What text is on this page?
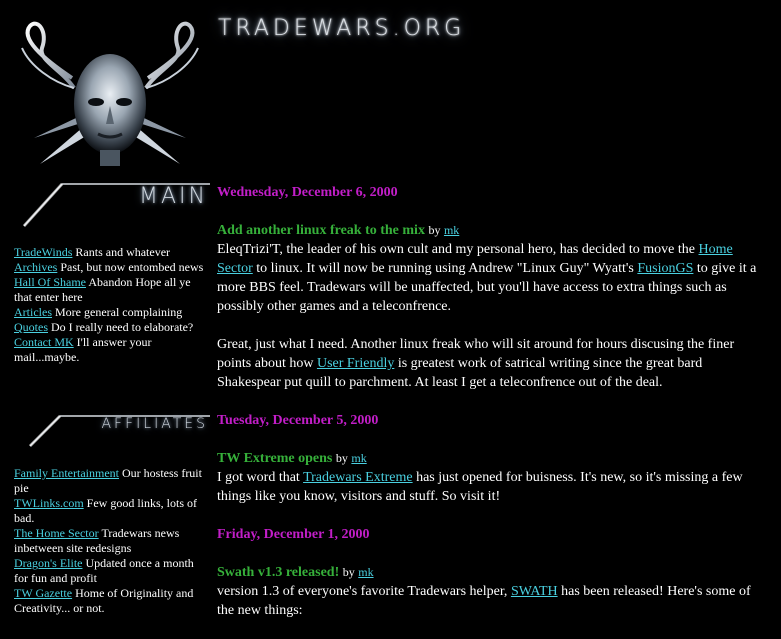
TRADEWARS.ORG
MAIN
TradeWinds Rants and whatever
Archives Past, but now entombed news
Hall Of Shame Abandon Hope all ye that enter here
Articles More general complaining
Quotes Do I really need to elaborate?
Contact MK I'll answer your mail...maybe.
AFFILIATES
Family Entertainment Our hostess fruit pie
TWLinks.com Few good links, lots of bad.
The Home Sector Tradewars news inbetween site redesigns
Dragon's Elite Updated once a month for fun and profit
TW Gazette Home of Originality and Creativity... or not.
Wednesday, December 6, 2000

Add another linux freak to the mix by mk

EleqTrizi'T, the leader of his own cult and my personal hero, has decided to move the Home Sector to linux. It will now be running using Andrew "Linux Guy" Wyatt's FusionGS to give it a more BBS feel. Tradewars will be unaffected, but you'll have access to extra things such as possibly other games and a teleconfrence.

Great, just what I need. Another linux freak who will sit around for hours discusing the finer points about how User Friendly is greatest work of satrical writing since the great bard Shakespear put quill to parchment. At least I get a teleconfrence out of the deal.

Tuesday, December 5, 2000

TW Extreme opens by mk

I got word that Tradewars Extreme has just opened for buisness. It's new, so it's missing a few things like you know, visitors and stuff. So visit it!

Friday, December 1, 2000

Swath v1.3 released! by mk

version 1.3 of everyone's favorite Tradewars helper, SWATH has been released! Here's some of the new things:
